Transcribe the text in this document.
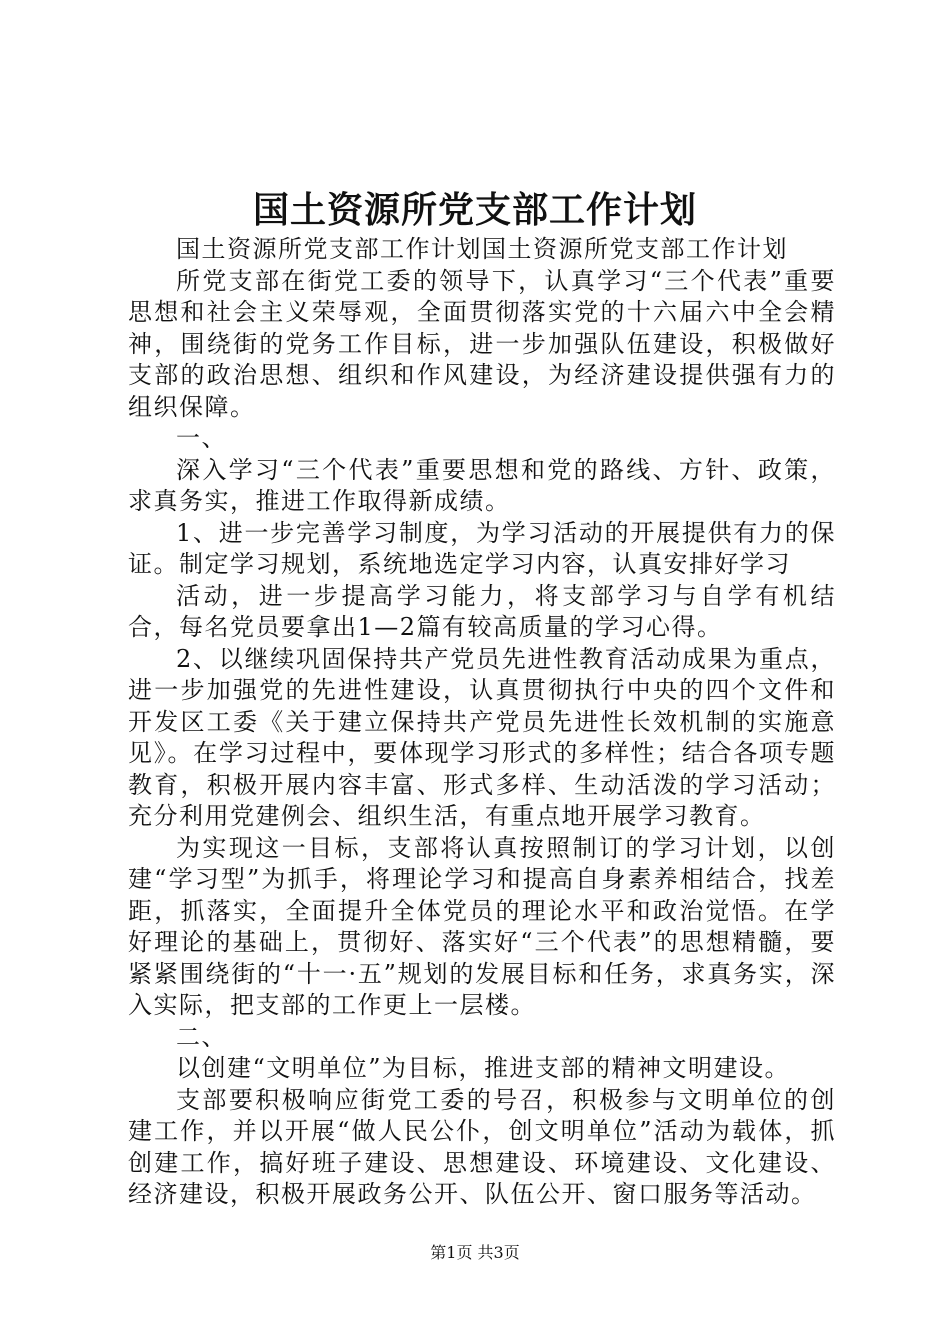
国土资源所党支部工作计划

国土资源所党支部工作计划国土资源所党支部工作计划

所党支部在街党工委的领导下，认真学习“三个代表”重要思想和社会主义荣辱观，全面贯彻落实党的十六届六中全会精神，围绕街的党务工作目标，进一步加强队伍建设，积极做好支部的政治思想、组织和作风建设，为经济建设提供强有力的组织保障。

一、

深入学习“三个代表”重要思想和党的路线、方针、政策，求真务实，推进工作取得新成绩。

1、进一步完善学习制度，为学习活动的开展提供有力的保证。制定学习规划，系统地选定学习内容，认真安排好学习

活动，进一步提高学习能力，将支部学习与自学有机结合，每名党员要拿出1—2篇有较高质量的学习心得。

2、以继续巩固保持共产党员先进性教育活动成果为重点，进一步加强党的先进性建设，认真贯彻执行中央的四个文件和开发区工委《关于建立保持共产党员先进性长效机制的实施意见》。在学习过程中，要体现学习形式的多样性；结合各项专题教育，积极开展内容丰富、形式多样、生动活泼的学习活动；充分利用党建例会、组织生活，有重点地开展学习教育。

为实现这一目标，支部将认真按照制订的学习计划，以创建“学习型”为抓手，将理论学习和提高自身素养相结合，找差距，抓落实，全面提升全体党员的理论水平和政治觉悟。在学好理论的基础上，贯彻好、落实好“三个代表”的思想精髓，要紧紧围绕街的“十一·五”规划的发展目标和任务，求真务实，深入实际，把支部的工作更上一层楼。

二、

以创建“文明单位”为目标，推进支部的精神文明建设。

支部要积极响应街党工委的号召，积极参与文明单位的创建工作，并以开展“做人民公仆，创文明单位”活动为载体，抓创建工作，搞好班子建设、思想建设、环境建设、文化建设、经济建设，积极开展政务公开、队伍公开、窗口服务等活动。

第1页 共3页
